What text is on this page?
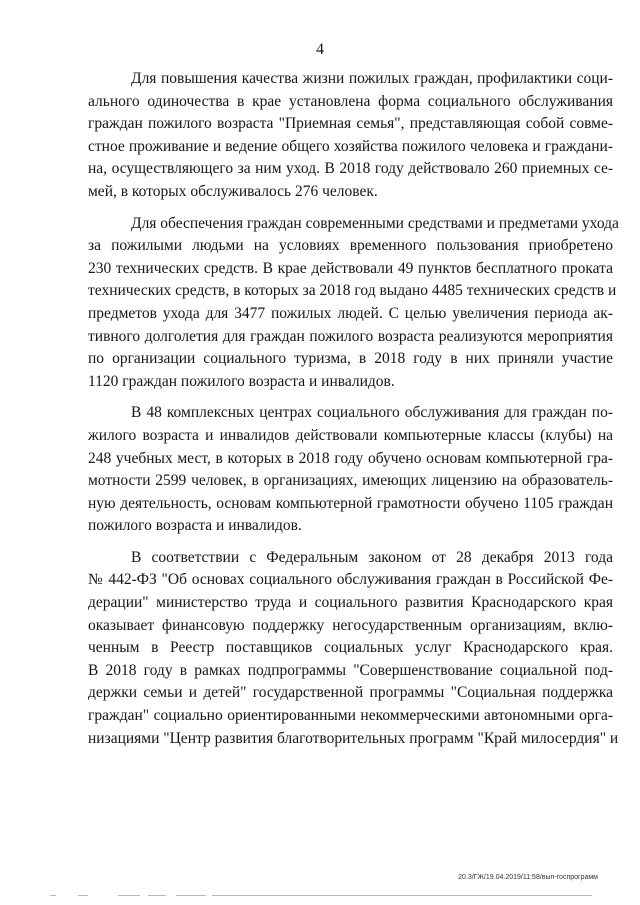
4

Для повышения качества жизни пожилых граждан, профилактики соци-
ального одиночества в крае установлена форма социального обслуживания
граждан пожилого возраста "Приемная семья", представляющая собой совме-
стное проживание и ведение общего хозяйства пожилого человека и граждани-
на, осуществляющего за ним уход. В 2018 году действовало 260 приемных се-
мей, в которых обслуживалось 276 человек.

Для обеспечения граждан современными средствами и предметами ухода
за пожилыми людьми на условиях временного пользования приобретено
230 технических средств. В крае действовали 49 пунктов бесплатного проката
технических средств, в которых за 2018 год выдано 4485 технических средств и
предметов ухода для 3477 пожилых людей. С целью увеличения периода ак-
тивного долголетия для граждан пожилого возраста реализуются мероприятия
по организации социального туризма, в 2018 году в них приняли участие
1120 граждан пожилого возраста и инвалидов.

В 48 комплексных центрах социального обслуживания для граждан по-
жилого возраста и инвалидов действовали компьютерные классы (клубы) на
248 учебных мест, в которых в 2018 году обучено основам компьютерной гра-
мотности 2599 человек, в организациях, имеющих лицензию на образователь-
ную деятельность, основам компьютерной грамотности обучено 1105 граждан
пожилого возраста и инвалидов.

В соответствии с Федеральным законом от 28 декабря 2013 года
№ 442-ФЗ "Об основах социального обслуживания граждан в Российской Фе-
дерации" министерство труда и социального развития Краснодарского края
оказывает финансовую поддержку негосударственным организациям, вклю-
ченным в Реестр поставщиков социальных услуг Краснодарского края.
В 2018 году в рамках подпрограммы "Совершенствование социальной под-
держки семьи и детей" государственной программы "Социальная поддержка
граждан" социально ориентированными некоммерческими автономными орга-
низациями "Центр развития благотворительных программ "Край милосердия" и

20.3/ГЖ/19.04.2019/11:58/вып-госпрограмм
